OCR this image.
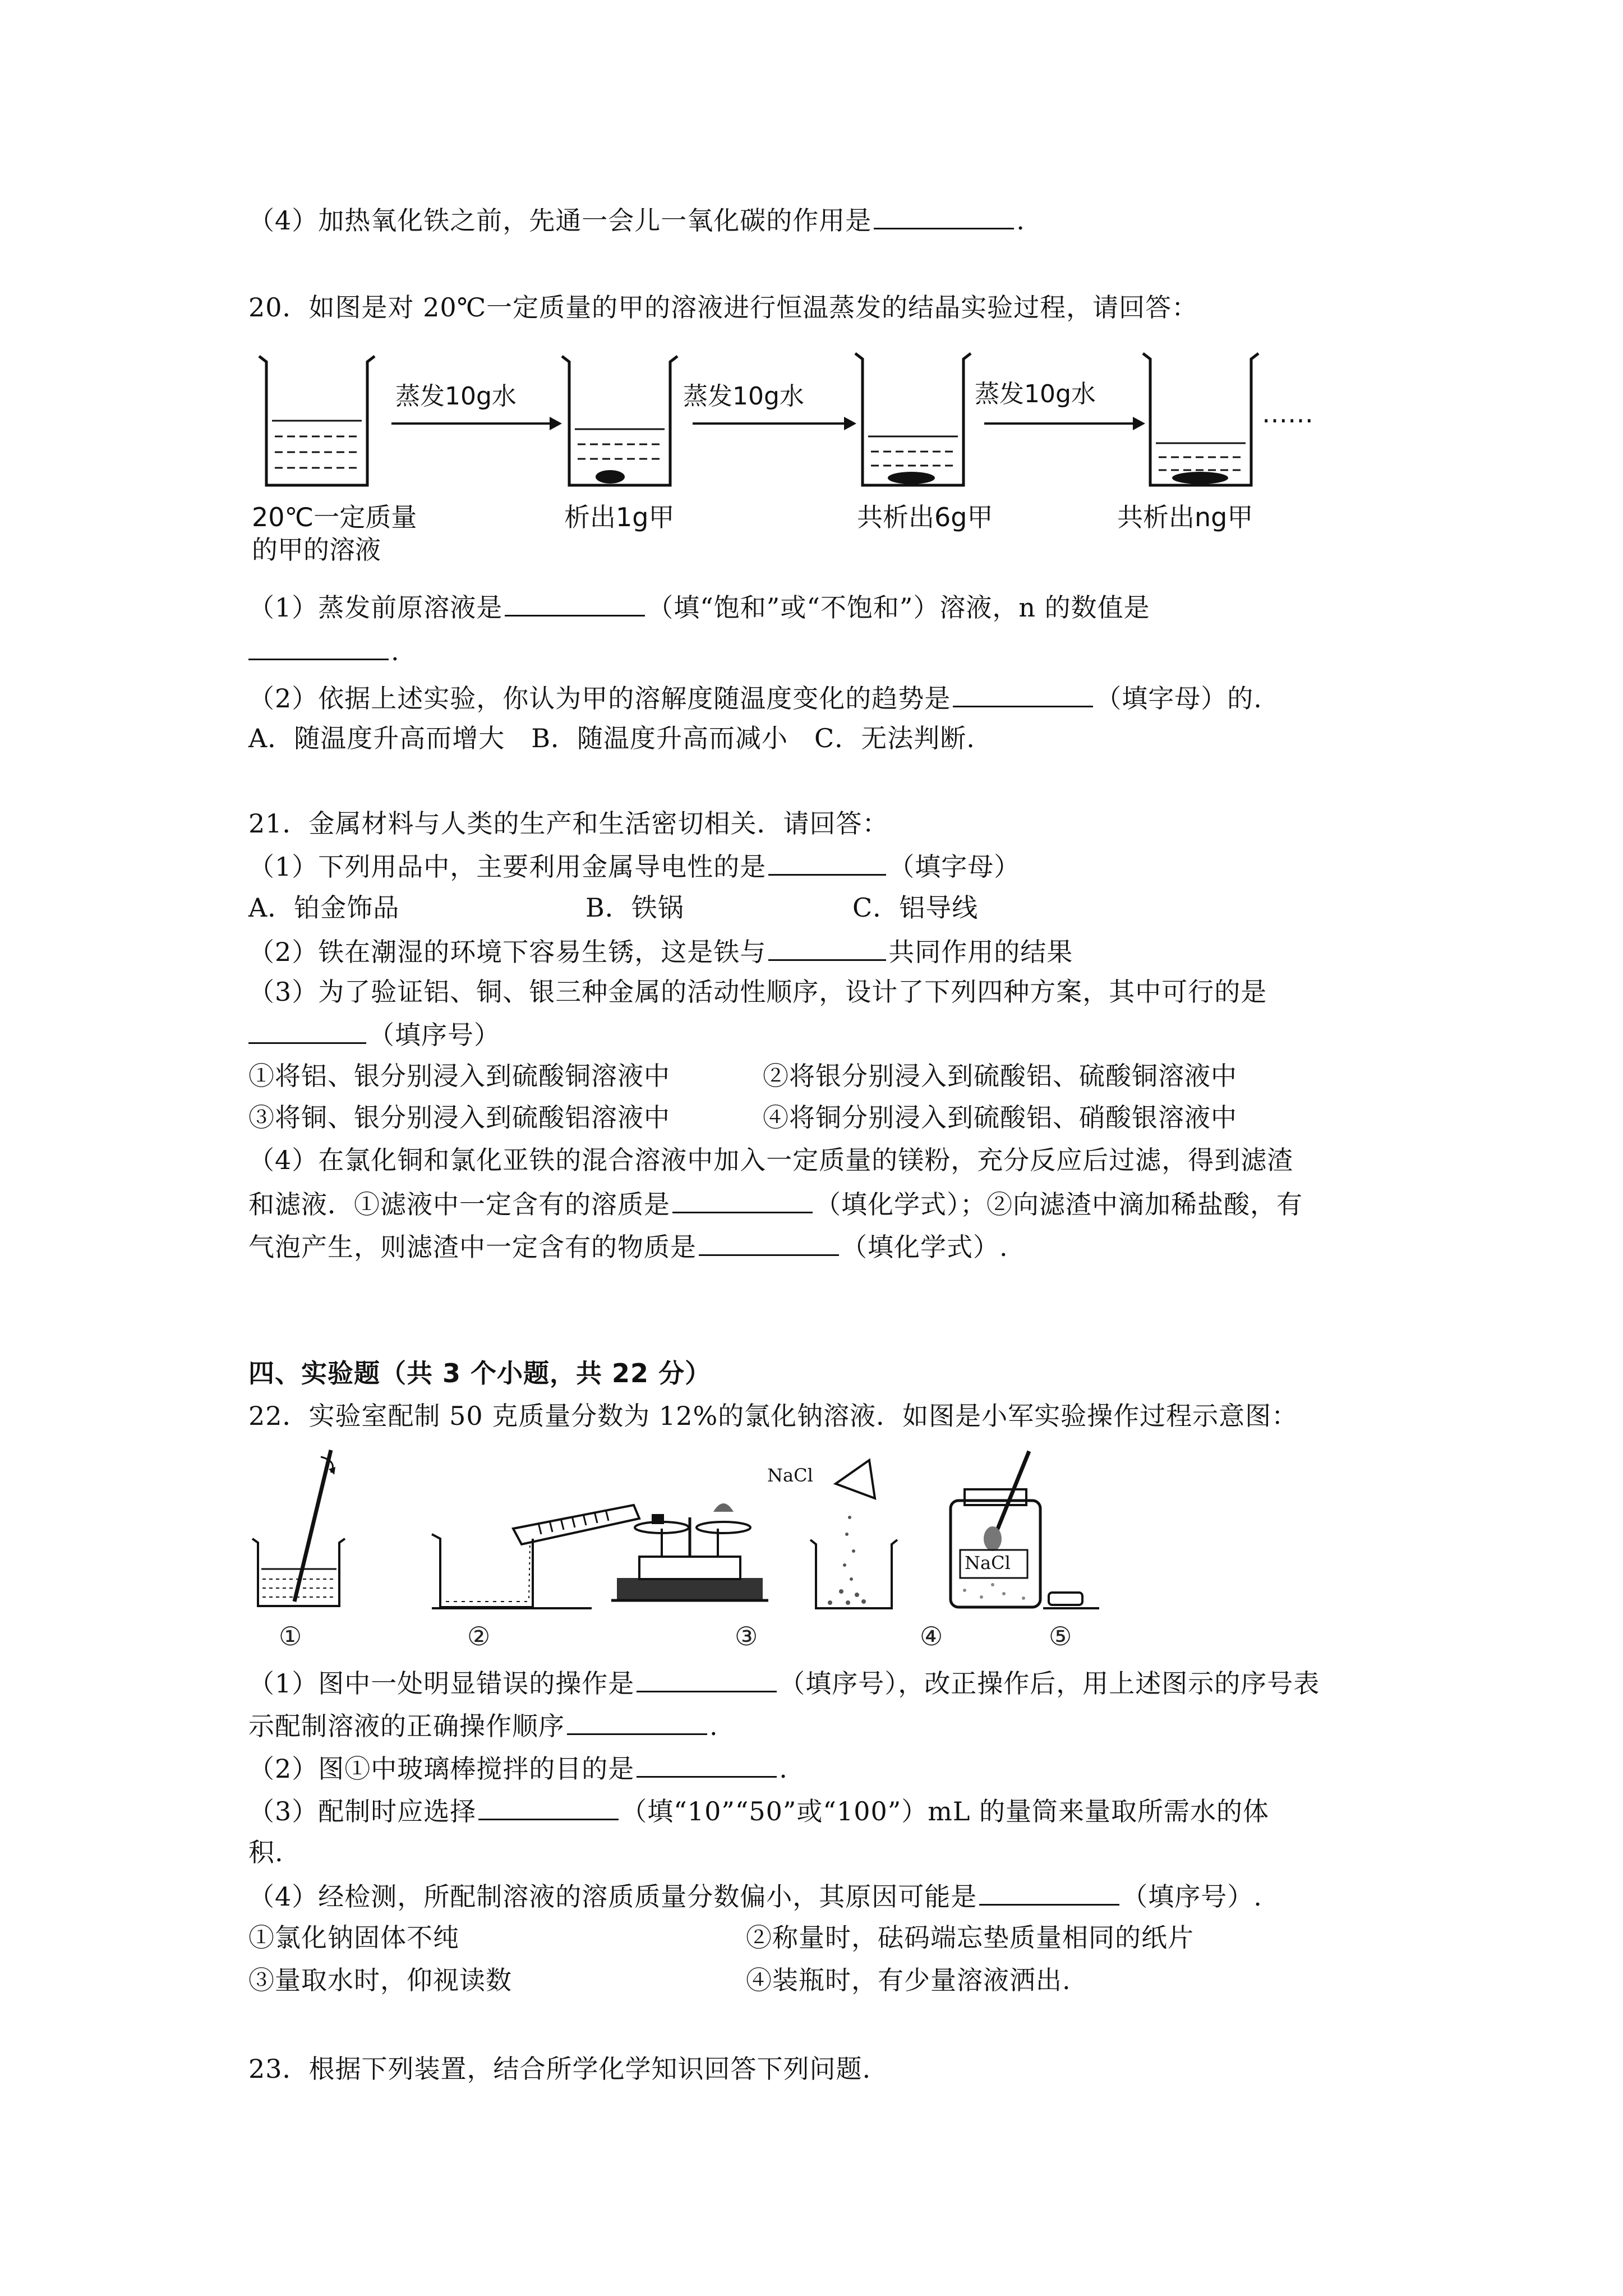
（4）加热氧化铁之前，先通一会儿一氧化碳的作用是	.
20．如图是对 20℃一定质量的甲的溶液进行恒温蒸发的结晶实验过程，请回答：
蒸发10g水	蒸发10g水	蒸发10g水
……
20℃一定质量
的甲的溶液
析出1g甲	共析出6g甲	共析出ng甲
（1）蒸发前原溶液是	（填“饱和”或“不饱和”）溶液，n 的数值是
.
（2）依据上述实验，你认为甲的溶解度随温度变化的趋势是	（填字母）的.
A．随温度升高而增大　B．随温度升高而减小　C．无法判断.
21．金属材料与人类的生产和生活密切相关．请回答：
（1）下列用品中，主要利用金属导电性的是	（填字母）
A．铂金饰品	B．铁锅	C．铝导线
（2）铁在潮湿的环境下容易生锈，这是铁与	共同作用的结果
（3）为了验证铝、铜、银三种金属的活动性顺序，设计了下列四种方案，其中可行的是
（填序号）
①将铝、银分别浸入到硫酸铜溶液中	②将银分别浸入到硫酸铝、硫酸铜溶液中
③将铜、银分别浸入到硫酸铝溶液中	④将铜分别浸入到硫酸铝、硝酸银溶液中
（4）在氯化铜和氯化亚铁的混合溶液中加入一定质量的镁粉，充分反应后过滤，得到滤渣
和滤液．①滤液中一定含有的溶质是	（填化学式）；②向滤渣中滴加稀盐酸，有
气泡产生，则滤渣中一定含有的物质是	（填化学式）.
四、实验题（共 3 个小题，共 22 分）
22．实验室配制 50 克质量分数为 12%的氯化钠溶液．如图是小军实验操作过程示意图：
NaCl
NaCl
①	②	③	④	⑤
（1）图中一处明显错误的操作是	（填序号），改正操作后，用上述图示的序号表
示配制溶液的正确操作顺序	.
（2）图①中玻璃棒搅拌的目的是	.
（3）配制时应选择	（填“10”“50”或“100”）mL 的量筒来量取所需水的体
积.
（4）经检测，所配制溶液的溶质质量分数偏小，其原因可能是	（填序号）.
①氯化钠固体不纯	②称量时，砝码端忘垫质量相同的纸片
③量取水时，仰视读数	④装瓶时，有少量溶液洒出.
23．根据下列装置，结合所学化学知识回答下列问题.
